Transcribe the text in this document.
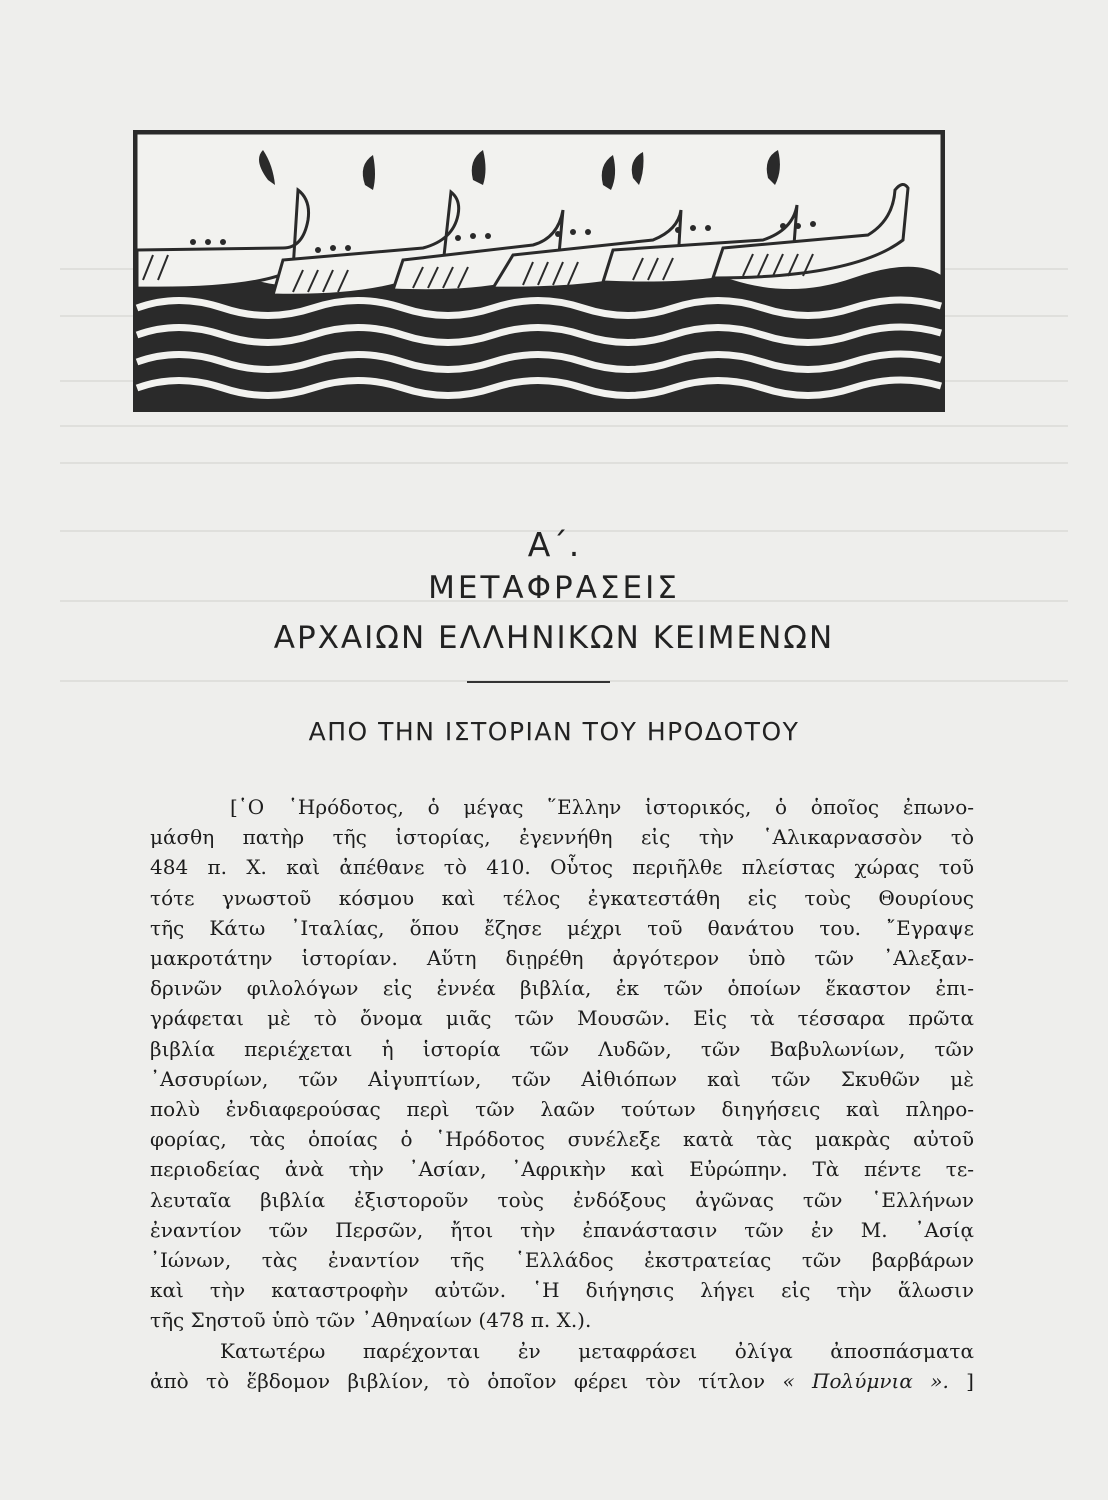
Α΄.
ΜΕΤΑΦΡΑΣΕΙΣ
ΑΡΧΑΙΩΝ ΕΛΛΗΝΙΚΩΝ ΚΕΙΜΕΝΩΝ
ΑΠΟ ΤΗΝ ΙΣΤΟΡΙΑΝ ΤΟΥ ΗΡΟΔΟΤΟΥ
[῾Ο ῾Ηρόδοτος, ὁ μέγας ῞Ελλην ἱστορικός, ὁ ὁποῖος ἐπωνο-
μάσθη πατὴρ τῆς ἱστορίας, ἐγεννήθη εἰς τὴν ῾Αλικαρνασσὸν τὸ
484 π. Χ. καὶ ἀπέθανε τὸ 410. Οὗτος περιῆλθε πλείστας χώρας τοῦ
τότε γνωστοῦ κόσμου καὶ τέλος ἐγκατεστάθη εἰς τοὺς Θουρίους
τῆς Κάτω ᾿Ιταλίας, ὅπου ἔζησε μέχρι τοῦ θανάτου του. ῎Εγραψε
μακροτάτην ἱστορίαν. Αὕτη διῃρέθη ἀργότερον ὑπὸ τῶν ᾿Αλεξαν-
δρινῶν φιλολόγων εἰς ἐννέα βιβλία, ἐκ τῶν ὁποίων ἕκαστον ἐπι-
γράφεται μὲ τὸ ὄνομα μιᾶς τῶν Μουσῶν. Εἰς τὰ τέσσαρα πρῶτα
βιβλία περιέχεται ἡ ἱστορία τῶν Λυδῶν, τῶν Βαβυλωνίων, τῶν
᾿Ασσυρίων, τῶν Αἰγυπτίων, τῶν Αἰθιόπων καὶ τῶν Σκυθῶν μὲ
πολὺ ἐνδιαφερούσας περὶ τῶν λαῶν τούτων διηγήσεις καὶ πληρο-
φορίας, τὰς ὁποίας ὁ ῾Ηρόδοτος συνέλεξε κατὰ τὰς μακρὰς αὐτοῦ
περιοδείας ἀνὰ τὴν ᾿Ασίαν, ᾿Αφρικὴν καὶ Εὐρώπην. Τὰ πέντε τε-
λευταῖα βιβλία ἐξιστοροῦν τοὺς ἐνδόξους ἀγῶνας τῶν ῾Ελλήνων
ἐναντίον τῶν Περσῶν, ἤτοι τὴν ἐπανάστασιν τῶν ἐν Μ. ᾿Ασίᾳ
᾿Ιώνων, τὰς ἐναντίον τῆς ῾Ελλάδος ἐκστρατείας τῶν βαρβάρων
καὶ τὴν καταστροφὴν αὐτῶν. ῾Η διήγησις λήγει εἰς τὴν ἅλωσιν
τῆς Σηστοῦ ὑπὸ τῶν ᾿Αθηναίων (478 π. Χ.).
Κατωτέρω παρέχονται ἐν μεταφράσει ὀλίγα ἀποσπάσματα
ἀπὸ τὸ ἕβδομον βιβλίον, τὸ ὁποῖον φέρει τὸν τίτλον « Πολύμνια ». ]
